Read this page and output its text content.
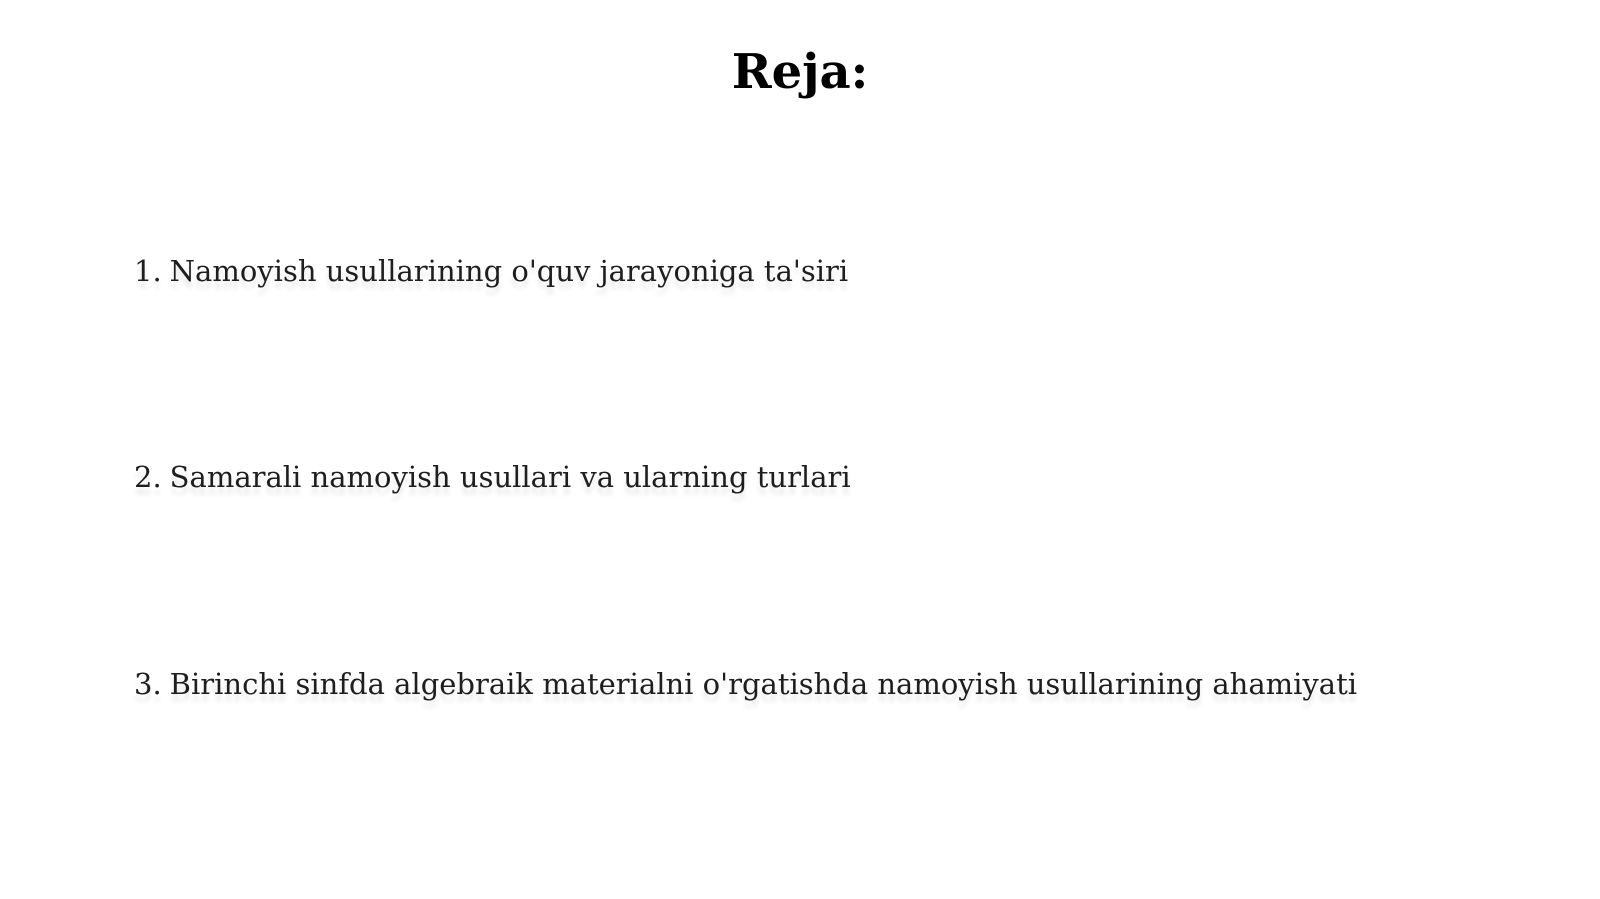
Reja:
1. Namoyish usullarining o'quv jarayoniga ta'siri
2. Samarali namoyish usullari va ularning turlari
3. Birinchi sinfda algebraik materialni o'rgatishda namoyish usullarining ahamiyati
